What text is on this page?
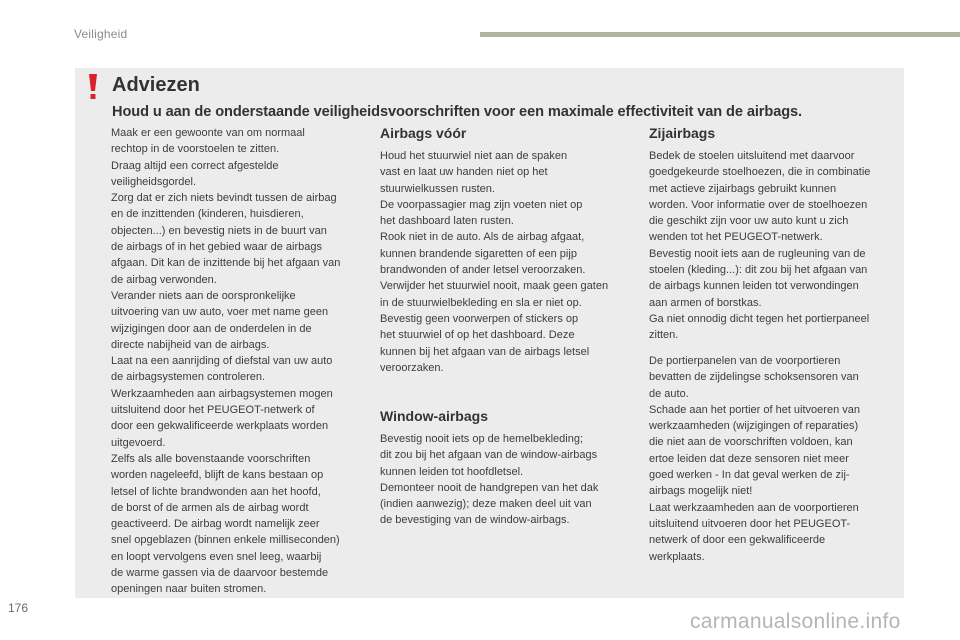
Veiligheid
Adviezen
Houd u aan de onderstaande veiligheidsvoorschriften voor een maximale effectiviteit van de airbags.

Maak er een gewoonte van om normaal

rechtop in de voorstoelen te zitten.

Draag altijd een correct afgestelde

veiligheidsgordel.

Zorg dat er zich niets bevindt tussen de airbag

en de inzittenden (kinderen, huisdieren,

objecten...) en bevestig niets in de buurt van

de airbags of in het gebied waar de airbags

afgaan. Dit kan de inzittende bij het afgaan van

de airbag verwonden.

Verander niets aan de oorspronkelijke

uitvoering van uw auto, voer met name geen

wijzigingen door aan de onderdelen in de

directe nabijheid van de airbags.

Laat na een aanrijding of diefstal van uw auto

de airbagsystemen controleren.

Werkzaamheden aan airbagsystemen mogen

uitsluitend door het PEUGEOT-netwerk of

door een gekwalificeerde werkplaats worden

uitgevoerd.

Zelfs als alle bovenstaande voorschriften

worden nageleefd, blijft de kans bestaan op

letsel of lichte brandwonden aan het hoofd,

de borst of de armen als de airbag wordt

geactiveerd. De airbag wordt namelijk zeer

snel opgeblazen (binnen enkele milliseconden)

en loopt vervolgens even snel leeg, waarbij

de warme gassen via de daarvoor bestemde

openingen naar buiten stromen.

Airbags vóór

Houd het stuurwiel niet aan de spaken

vast en laat uw handen niet op het

stuurwielkussen rusten.

De voorpassagier mag zijn voeten niet op

het dashboard laten rusten.

Rook niet in de auto. Als de airbag afgaat,

kunnen brandende sigaretten of een pijp

brandwonden of ander letsel veroorzaken.

Verwijder het stuurwiel nooit, maak geen gaten

in de stuurwielbekleding en sla er niet op.

Bevestig geen voorwerpen of stickers op

het stuurwiel of op het dashboard. Deze

kunnen bij het afgaan van de airbags letsel

veroorzaken.

Window-airbags

Bevestig nooit iets op de hemelbekleding;

dit zou bij het afgaan van de window-airbags

kunnen leiden tot hoofdletsel.

Demonteer nooit de handgrepen van het dak

(indien aanwezig); deze maken deel uit van

de bevestiging van de window-airbags.

Zijairbags

Bedek de stoelen uitsluitend met daarvoor

goedgekeurde stoelhoezen, die in combinatie

met actieve zijairbags gebruikt kunnen

worden. Voor informatie over de stoelhoezen

die geschikt zijn voor uw auto kunt u zich

wenden tot het PEUGEOT-netwerk.

Bevestig nooit iets aan de rugleuning van de

stoelen (kleding...): dit zou bij het afgaan van

de airbags kunnen leiden tot verwondingen

aan armen of borstkas.

Ga niet onnodig dicht tegen het portierpaneel

zitten.

De portierpanelen van de voorportieren

bevatten de zijdelingse schoksensoren van

de auto.

Schade aan het portier of het uitvoeren van

werkzaamheden (wijzigingen of reparaties)

die niet aan de voorschriften voldoen, kan

ertoe leiden dat deze sensoren niet meer

goed werken - In dat geval werken de zij-

airbags mogelijk niet!

Laat werkzaamheden aan de voorportieren

uitsluitend uitvoeren door het PEUGEOT-

netwerk of door een gekwalificeerde

werkplaats.

176
carmanualsonline.info
